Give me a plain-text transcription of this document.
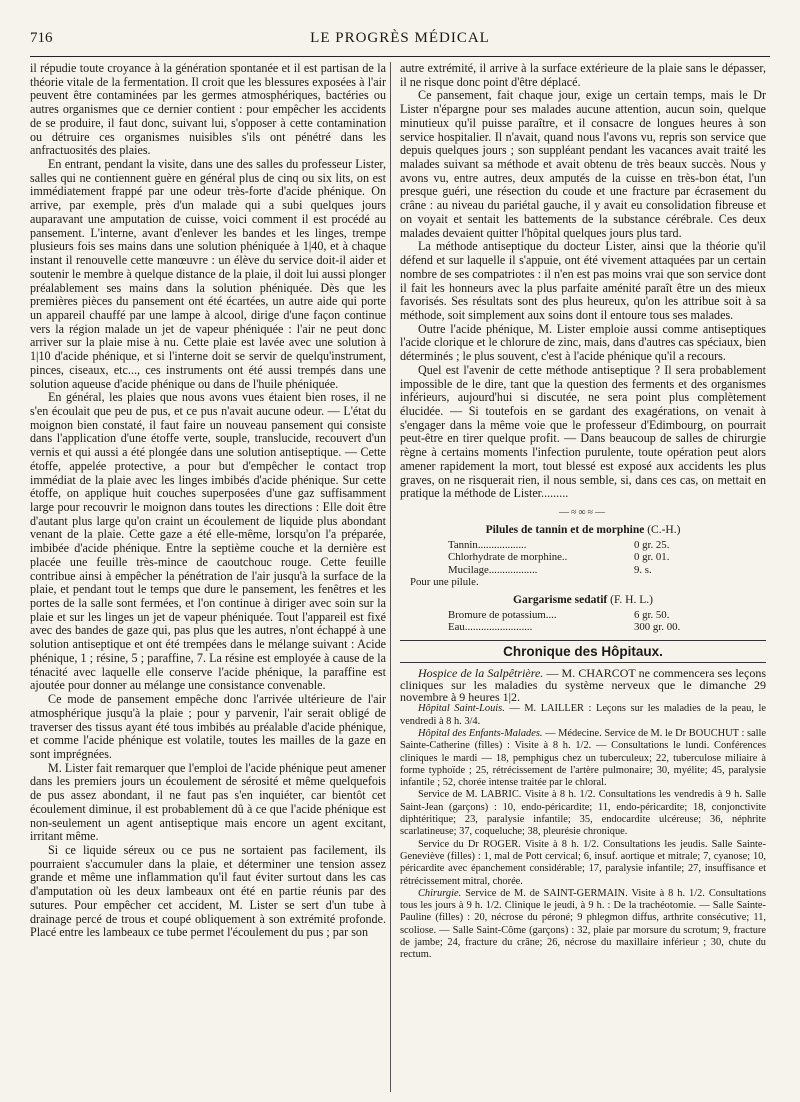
716	LE PROGRÈS MÉDICAL

il répudie toute croyance à la génération spontanée et il est partisan de la théorie vitale de la fermentation. Il croit que les blessures exposées à l'air peuvent être contaminées par les germes atmosphériques, bactéries ou autres organismes que ce dernier contient : pour empêcher les accidents de se produire, il faut donc, suivant lui, s'opposer à cette contamination ou détruire ces organismes nuisibles s'ils ont pénétré dans les anfractuosités des plaies.

En entrant, pendant la visite, dans une des salles du professeur Lister, salles qui ne contiennent guère en général plus de cinq ou six lits, on est immédiatement frappé par une odeur très-forte d'acide phénique. On arrive, par exemple, près d'un malade qui a subi quelques jours auparavant une amputation de cuisse, voici comment il est procédé au pansement. L'interne, avant d'enlever les bandes et les linges, trempe plusieurs fois ses mains dans une solution phéniquée à 1|40, et à chaque instant il renouvelle cette manœuvre : un élève du service doit-il aider et soutenir le membre à quelque distance de la plaie, il doit lui aussi plonger préalablement ses mains dans la solution phéniquée. Dès que les premières pièces du pansement ont été écartées, un autre aide qui porte un appareil chauffé par une lampe à alcool, dirige d'une façon continue vers la région malade un jet de vapeur phéniquée : l'air ne peut donc arriver sur la plaie mise à nu. Cette plaie est lavée avec une solution à 1|10 d'acide phénique, et si l'interne doit se servir de quelqu'instrument, pinces, ciseaux, etc..., ces instruments ont été aussi trempés dans une solution aqueuse d'acide phénique ou dans de l'huile phéniquée.

En général, les plaies que nous avons vues étaient bien roses, il ne s'en écoulait que peu de pus, et ce pus n'avait aucune odeur. — L'état du moignon bien constaté, il faut faire un nouveau pansement qui consiste dans l'application d'une étoffe verte, souple, translucide, recouvert d'un vernis et qui aussi a été plongée dans une solution antiseptique. — Cette étoffe, appelée protective, a pour but d'empêcher le contact trop immédiat de la plaie avec les linges imbibés d'acide phénique. Sur cette étoffe, on applique huit couches superposées d'une gaz suffisamment large pour recouvrir le moignon dans toutes les directions : Elle doit être d'autant plus large qu'on craint un écoulement de liquide plus abondant venant de la plaie. Cette gaze a été elle-même, lorsqu'on l'a préparée, imbibée d'acide phénique. Entre la septième couche et la dernière est placée une feuille très-mince de caoutchouc rouge. Cette feuille contribue ainsi à empêcher la pénétration de l'air jusqu'à la surface de la plaie, et pendant tout le temps que dure le pansement, les fenêtres et les portes de la salle sont fermées, et l'on continue à diriger avec soin sur la plaie et sur les linges un jet de vapeur phéniquée. Tout l'appareil est fixé avec des bandes de gaze qui, pas plus que les autres, n'ont échappé à une solution antiseptique et ont été trempées dans le mélange suivant : Acide phénique, 1 ; résine, 5 ; paraffine, 7. La résine est employée à cause de la ténacité avec laquelle elle conserve l'acide phénique, la paraffine est ajoutée pour donner au mélange une consistance convenable.

Ce mode de pansement empêche donc l'arrivée ultérieure de l'air atmosphérique jusqu'à la plaie ; pour y parvenir, l'air serait obligé de traverser des tissus ayant été tous imbibés au préalable d'acide phénique, et comme l'acide phénique est volatile, toutes les mailles de la gaze en sont imprégnées.

M. Lister fait remarquer que l'emploi de l'acide phénique peut amener dans les premiers jours un écoulement de sérosité et même quelquefois de pus assez abondant, il ne faut pas s'en inquiéter, car bientôt cet écoulement diminue, il est probablement dû à ce que l'acide phénique est non-seulement un agent antiseptique mais encore un agent excitant, irritant même.

Si ce liquide séreux ou ce pus ne sortaient pas facilement, ils pourraient s'accumuler dans la plaie, et déterminer une tension assez grande et même une inflammation qu'il faut éviter surtout dans les cas d'amputation où les deux lambeaux ont été en partie réunis par des sutures. Pour empêcher cet accident, M. Lister se sert d'un tube à drainage percé de trous et coupé obliquement à son extrémité profonde. Placé entre les lambeaux ce tube permet l'écoulement du pus ; par son

autre extrémité, il arrive à la surface extérieure de la plaie sans le dépasser, il ne risque donc point d'être déplacé.

Ce pansement, fait chaque jour, exige un certain temps, mais le Dr Lister n'épargne pour ses malades aucune attention, aucun soin, quelque minutieux qu'il puisse paraître, et il consacre de longues heures à son service hospitalier. Il n'avait, quand nous l'avons vu, repris son service que depuis quelques jours ; son suppléant pendant les vacances avait traité les malades suivant sa méthode et avait obtenu de très beaux succès. Nous y avons vu, entre autres, deux amputés de la cuisse en très-bon état, l'un presque guéri, une résection du coude et une fracture par écrasement du crâne : au niveau du pariétal gauche, il y avait eu consolidation fibreuse et on voyait et sentait les battements de la substance cérébrale. Ces deux malades devaient quitter l'hôpital quelques jours plus tard.

La méthode antiseptique du docteur Lister, ainsi que la théorie qu'il défend et sur laquelle il s'appuie, ont été vivement attaquées par un certain nombre de ses compatriotes : il n'en est pas moins vrai que son service dont il fait les honneurs avec la plus parfaite aménité paraît être un des mieux favorisés. Ses résultats sont des plus heureux, qu'on les attribue soit à sa méthode, soit simplement aux soins dont il entoure tous ses malades.

Outre l'acide phénique, M. Lister emploie aussi comme antiseptiques l'acide clorique et le chlorure de zinc, mais, dans d'autres cas spéciaux, bien déterminés ; le plus souvent, c'est à l'acide phénique qu'il a recours.

Quel est l'avenir de cette méthode antiseptique ? Il sera probablement impossible de le dire, tant que la question des ferments et des organismes inférieurs, aujourd'hui si discutée, ne sera point plus complètement élucidée. — Si toutefois en se gardant des exagérations, on venait à s'engager dans la même voie que le professeur d'Edimbourg, on pourrait peut-être en tirer quelque profit. — Dans beaucoup de salles de chirurgie règne à certains moments l'infection purulente, toute opération peut alors amener rapidement la mort, tout blessé est exposé aux accidents les plus graves, on ne risquerait rien, il nous semble, si, dans ces cas, on mettait en pratique la méthode de Lister.........

—≈∞≈—
Pilules de tannin et de morphine (C.-H.)
Tannin..................	0 gr. 25.
Chlorhydrate de morphine..	0 gr. 01.
Mucilage..................	9. s.
Pour une pilule.
Gargarisme sedatif (F. H. L.)
Bromure de potassium....	6 gr. 50.
Eau.........................	300 gr. 00.
Chronique des Hôpitaux.

Hospice de la Salpêtrière. — M. CHARCOT ne commencera ses leçons cliniques sur les maladies du système nerveux que le dimanche 29 novembre à 9 heures 1|2.

Hôpital Saint-Louis. — M. LAILLER : Leçons sur les maladies de la peau, le vendredi à 8 h. 3/4.

Hôpital des Enfants-Malades. — Médecine. Service de M. le Dr BOUCHUT : salle Sainte-Catherine (filles) : Visite à 8 h. 1/2. — Consultations le lundi. Conférences cliniques le mardi — 18, pemphigus chez un tuberculeux; 22, tuberculose miliaire à forme typhoïde ; 25, rétrécissement de l'artère pulmonaire; 30, myélite; 45, paralysie infantile ; 52, chorée intense traitée par le chloral.

Service de M. LABRIC. Visite à 8 h. 1/2. Consultations les vendredis à 9 h. Salle Saint-Jean (garçons) : 10, endo-péricardite; 11, endo-péricardite; 18, conjonctivite diphtéritique; 23, paralysie infantile; 35, endocardite ulcéreuse; 36, néphrite scarlatineuse; 37, coqueluche; 38, pleurésie chronique.

Service du Dr ROGER. Visite à 8 h. 1/2. Consultations les jeudis. Salle Sainte-Geneviève (filles) : 1, mal de Pott cervical; 6, insuf. aortique et mitrale; 7, cyanose; 10, péricardite avec épanchement considérable; 17, paralysie infantile; 27, insuffisance et rétrécissement mitral, chorée.

Chirurgie. Service de M. de SAINT-GERMAIN. Visite à 8 h. 1/2. Consultations tous les jours à 9 h. 1/2. Clinique le jeudi, à 9 h. : De la trachéotomie. — Salle Sainte-Pauline (filles) : 20, nécrose du péroné; 9 phlegmon diffus, arthrite consécutive; 11, scoliose. — Salle Saint-Côme (garçons) : 32, plaie par morsure du scrotum; 9, fracture de jambe; 24, fracture du crâne; 26, nécrose du maxillaire inférieur ; 30, chute du rectum.
